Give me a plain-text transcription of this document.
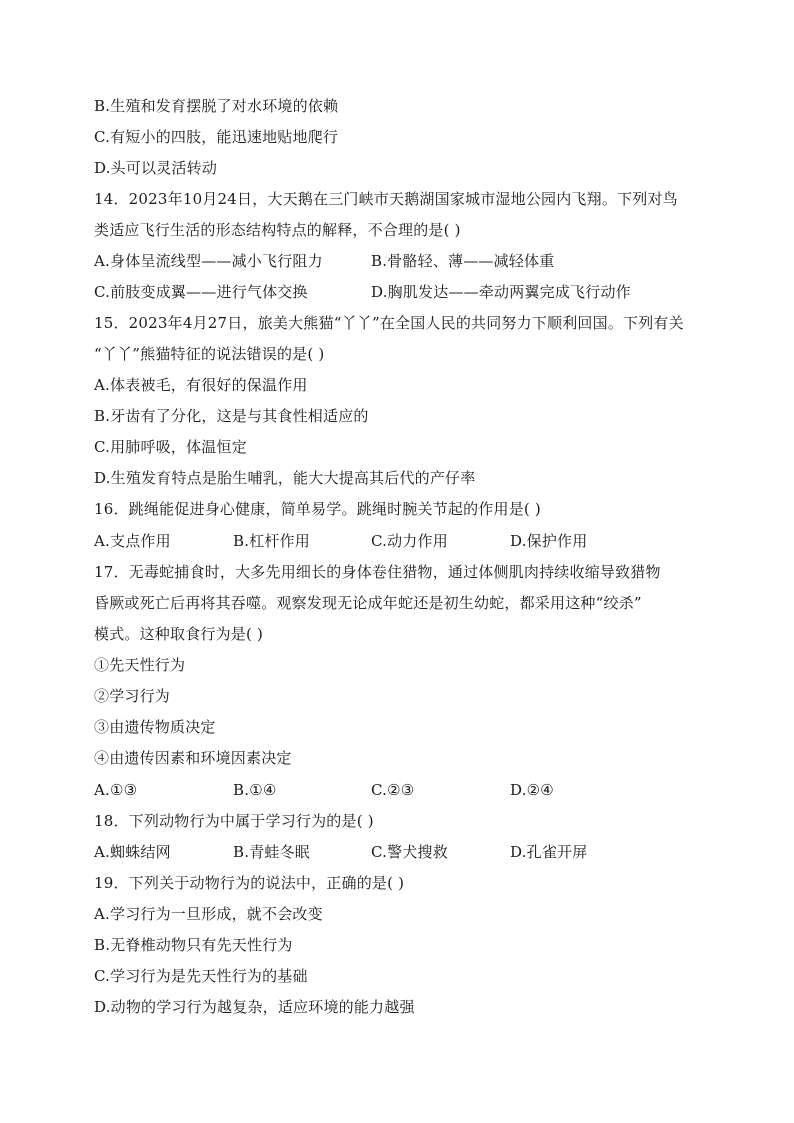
B.生殖和发育摆脱了对水环境的依赖
C.有短小的四肢，能迅速地贴地爬行
D.头可以灵活转动
14．2023年10月24日，大天鹅在三门峡市天鹅湖国家城市湿地公园内飞翔。下列对鸟
类适应飞行生活的形态结构特点的解释，不合理的是( )
A.身体呈流线型——减小飞行阻力	B.骨骼轻、薄——减轻体重
C.前肢变成翼——进行气体交换	D.胸肌发达——牵动两翼完成飞行动作
15．2023年4月27日，旅美大熊猫“丫丫”在全国人民的共同努力下顺利回国。下列有关
“丫丫”熊猫特征的说法错误的是( )
A.体表被毛，有很好的保温作用
B.牙齿有了分化，这是与其食性相适应的
C.用肺呼吸，体温恒定
D.生殖发育特点是胎生哺乳，能大大提高其后代的产仔率
16．跳绳能促进身心健康，简单易学。跳绳时腕关节起的作用是( )
A.支点作用	B.杠杆作用	C.动力作用	D.保护作用
17．无毒蛇捕食时，大多先用细长的身体卷住猎物，通过体侧肌肉持续收缩导致猎物
昏厥或死亡后再将其吞噬。观察发现无论成年蛇还是初生幼蛇，都采用这种“绞杀”
模式。这种取食行为是( )
①先天性行为
②学习行为
③由遗传物质决定
④由遗传因素和环境因素决定
A.①③	B.①④	C.②③	D.②④
18．下列动物行为中属于学习行为的是( )
A.蜘蛛结网	B.青蛙冬眠	C.警犬搜救	D.孔雀开屏
19．下列关于动物行为的说法中，正确的是( )
A.学习行为一旦形成，就不会改变
B.无脊椎动物只有先天性行为
C.学习行为是先天性行为的基础
D.动物的学习行为越复杂，适应环境的能力越强
